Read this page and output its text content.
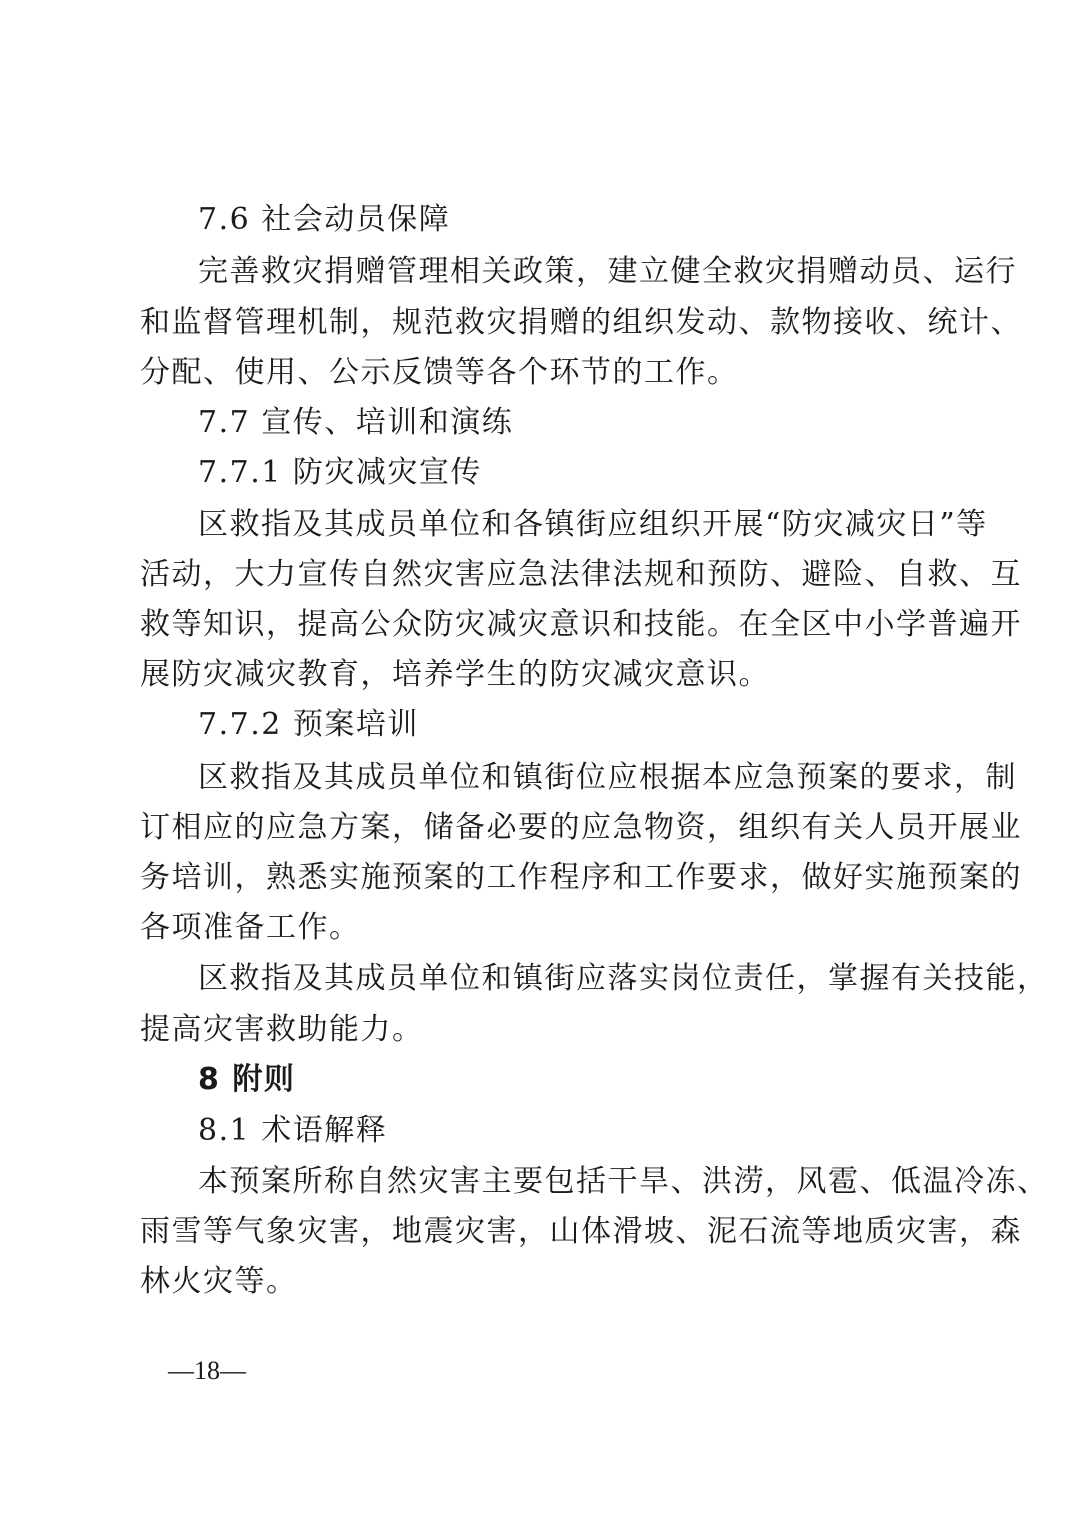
7.6 社会动员保障
完善救灾捐赠管理相关政策，建立健全救灾捐赠动员、运行
和监督管理机制，规范救灾捐赠的组织发动、款物接收、统计、
分配、使用、公示反馈等各个环节的工作。
7.7 宣传、培训和演练
7.7.1 防灾减灾宣传
区救指及其成员单位和各镇街应组织开展“防灾减灾日”等
活动，大力宣传自然灾害应急法律法规和预防、避险、自救、互
救等知识，提高公众防灾减灾意识和技能。在全区中小学普遍开
展防灾减灾教育，培养学生的防灾减灾意识。
7.7.2 预案培训
区救指及其成员单位和镇街位应根据本应急预案的要求，制
订相应的应急方案，储备必要的应急物资，组织有关人员开展业
务培训，熟悉实施预案的工作程序和工作要求，做好实施预案的
各项准备工作。
区救指及其成员单位和镇街应落实岗位责任，掌握有关技能，
提高灾害救助能力。
8 附则
8.1 术语解释
本预案所称自然灾害主要包括干旱、洪涝，风雹、低温冷冻、
雨雪等气象灾害，地震灾害，山体滑坡、泥石流等地质灾害，森
林火灾等。
—18—
